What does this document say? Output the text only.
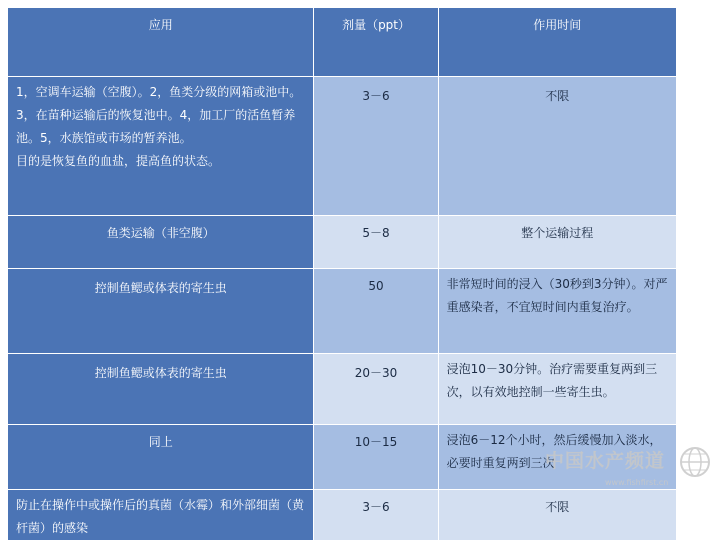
应用	剂量（ppt）	作用时间

1，空调车运输（空腹）。2，鱼类分级的网箱或池中。3，在苗种运输后的恢复池中。4，加工厂的活鱼暂养池。5，水族馆或市场的暂养池。
目的是恢复鱼的血盐，提高鱼的状态。	3－6	不限
鱼类运输（非空腹）	5－8	整个运输过程
控制鱼鳃或体表的寄生虫	50	非常短时间的浸入（30秒到3分钟）。对严重感染者，不宜短时间内重复治疗。

控制鱼鳃或体表的寄生虫	20－30	浸泡10－30分钟。治疗需要重复两到三次，以有效地控制一些寄生虫。

同上	10－15	浸泡6－12个小时，然后缓慢加入淡水，必要时重复两到三次

防止在操作中或操作后的真菌（水霉）和外部细菌（黄杆菌）的感染	3－6	不限
中国水产频道
www.fishfirst.cn
